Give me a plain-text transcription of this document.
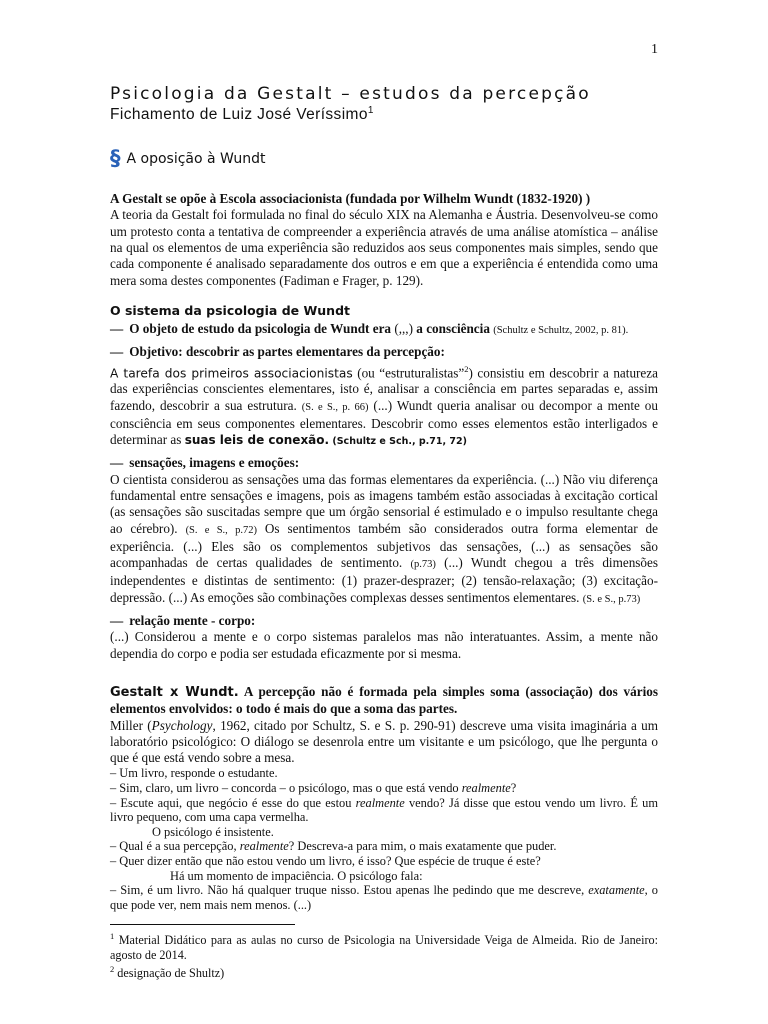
1
Psicologia da Gestalt – estudos da percepção
Fichamento de Luiz José Veríssimo$^1$
§ A oposição à Wundt

A Gestalt se opõe à Escola associacionista (fundada por Wilhelm Wundt (1832-1920) )

A teoria da Gestalt foi formulada no final do século XIX na Alemanha e Áustria. Desenvolveu-se como um protesto conta a tentativa de compreender a experiência através de uma análise atomística – análise na qual os elementos de uma experiência são reduzidos aos seus componentes mais simples, sendo que cada componente é analisado separadamente dos outros e em que a experiência é entendida como uma mera soma destes componentes (Fadiman e Frager, p. 129).

O sistema da psicologia de Wundt

— O objeto de estudo da psicologia de Wundt era (,,,) a consciência (Schultz e Schultz, 2002, p. 81).

— Objetivo: descobrir as partes elementares da percepção:

A tarefa dos primeiros associacionistas (ou “estruturalistas”$^2$) consistiu em descobrir a natureza das experiências conscientes elementares, isto é, analisar a consciência em partes separadas e, assim fazendo, descobrir a sua estrutura. (S. e S., p. 66) (...) Wundt queria analisar ou decompor a mente ou consciência em seus componentes elementares. Descobrir como esses elementos estão interligados e determinar as suas leis de conexão. (Schultz e Sch., p.71, 72)

— sensações, imagens e emoções:

O cientista considerou as sensações uma das formas elementares da experiência. (...) Não viu diferença fundamental entre sensações e imagens, pois as imagens também estão associadas à excitação cortical (as sensações são suscitadas sempre que um órgão sensorial é estimulado e o impulso resultante chega ao cérebro). (S. e S., p.72) Os sentimentos também são considerados outra forma elementar de experiência. (...) Eles são os complementos subjetivos das sensações, (...) as sensações são acompanhadas de certas qualidades de sentimento. (p.73) (...) Wundt chegou a três dimensões independentes e distintas de sentimento: (1) prazer-desprazer; (2) tensão-relaxação; (3) excitação-depressão. (...) As emoções são combinações complexas desses sentimentos elementares. (S. e S., p.73)

— relação mente - corpo:

(...) Considerou a mente e o corpo sistemas paralelos mas não interatuantes. Assim, a mente não dependia do corpo e podia ser estudada eficazmente por si mesma.

Gestalt x Wundt. A percepção não é formada pela simples soma (associação) dos vários elementos envolvidos: o todo é mais do que a soma das partes.

Miller (Psychology, 1962, citado por Schultz, S. e S. p. 290-91) descreve uma visita imaginária a um laboratório psicológico: O diálogo se desenrola entre um visitante e um psicólogo, que lhe pergunta o que é que está vendo sobre a mesa.

– Um livro, responde o estudante.
– Sim, claro, um livro – concorda – o psicólogo, mas o que está vendo realmente?
– Escute aqui, que negócio é esse do que estou realmente vendo? Já disse que estou vendo um livro. É um livro pequeno, com uma capa vermelha.
O psicólogo é insistente.
– Qual é a sua percepção, realmente? Descreva-a para mim, o mais exatamente que puder.
– Quer dizer então que não estou vendo um livro, é isso? Que espécie de truque é este?
Há um momento de impaciência. O psicólogo fala:
– Sim, é um livro. Não há qualquer truque nisso. Estou apenas lhe pedindo que me descreve, exatamente, o que pode ver, nem mais nem menos. (...)

$^1$ Material Didático para as aulas no curso de Psicologia na Universidade Veiga de Almeida. Rio de Janeiro: agosto de 2014.

$^2$ designação de Shultz)
